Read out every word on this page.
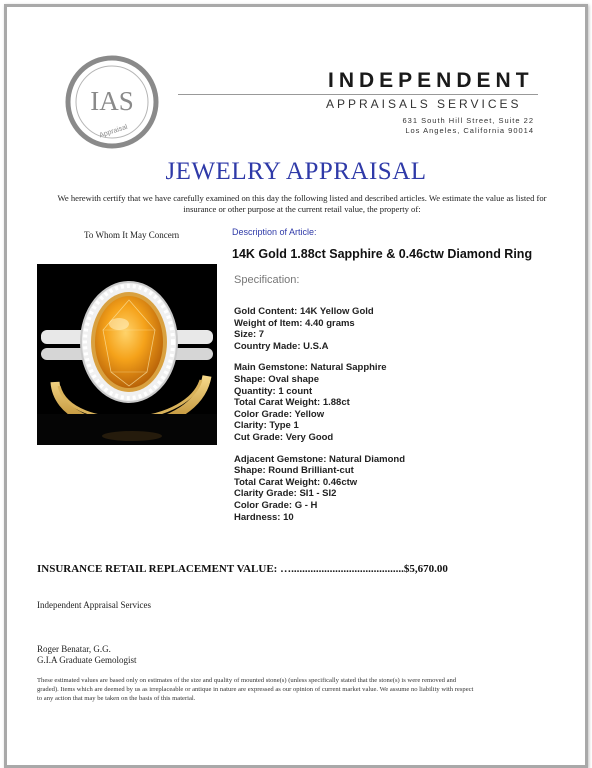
IAS
Appraisal
INDEPENDENT
APPRAISALS SERVICES
631 South Hill Street, Suite 22
Los Angeles, California 90014
JEWELRY APPRAISAL
We herewith certify that we have carefully examined on this day the following listed and described articles. We estimate the value as listed for insurance or other purpose at the current retail value, the property of:
To Whom It May Concern	Description of Article:
14K Gold 1.88ct Sapphire & 0.46ctw Diamond Ring
Specification:
Gold Content: 14K Yellow Gold
Weight of Item: 4.40 grams
Size: 7
Country Made: U.S.A
Main Gemstone: Natural Sapphire
Shape: Oval shape
Quantity: 1 count
Total Carat Weight: 1.88ct
Color Grade: Yellow
Clarity: Type 1
Cut Grade: Very Good
Adjacent Gemstone: Natural Diamond
Shape: Round Brilliant-cut
Total Carat Weight: 0.46ctw
Clarity Grade: SI1 - SI2
Color Grade: G - H
Hardness: 10
INSURANCE RETAIL REPLACEMENT VALUE: ….........................................$5,670.00
Independent Appraisal Services
Roger Benatar, G.G.
G.I.A Graduate Gemologist
These estimated values are based only on estimates of the size and quality of mounted stone(s) (unless specifically stated that the stone(s) is were removed and graded). Items which are deemed by us as irreplaceable or antique in nature are expressed as our opinion of current market value. We assume no liability with respect to any action that may be taken on the basis of this material.
